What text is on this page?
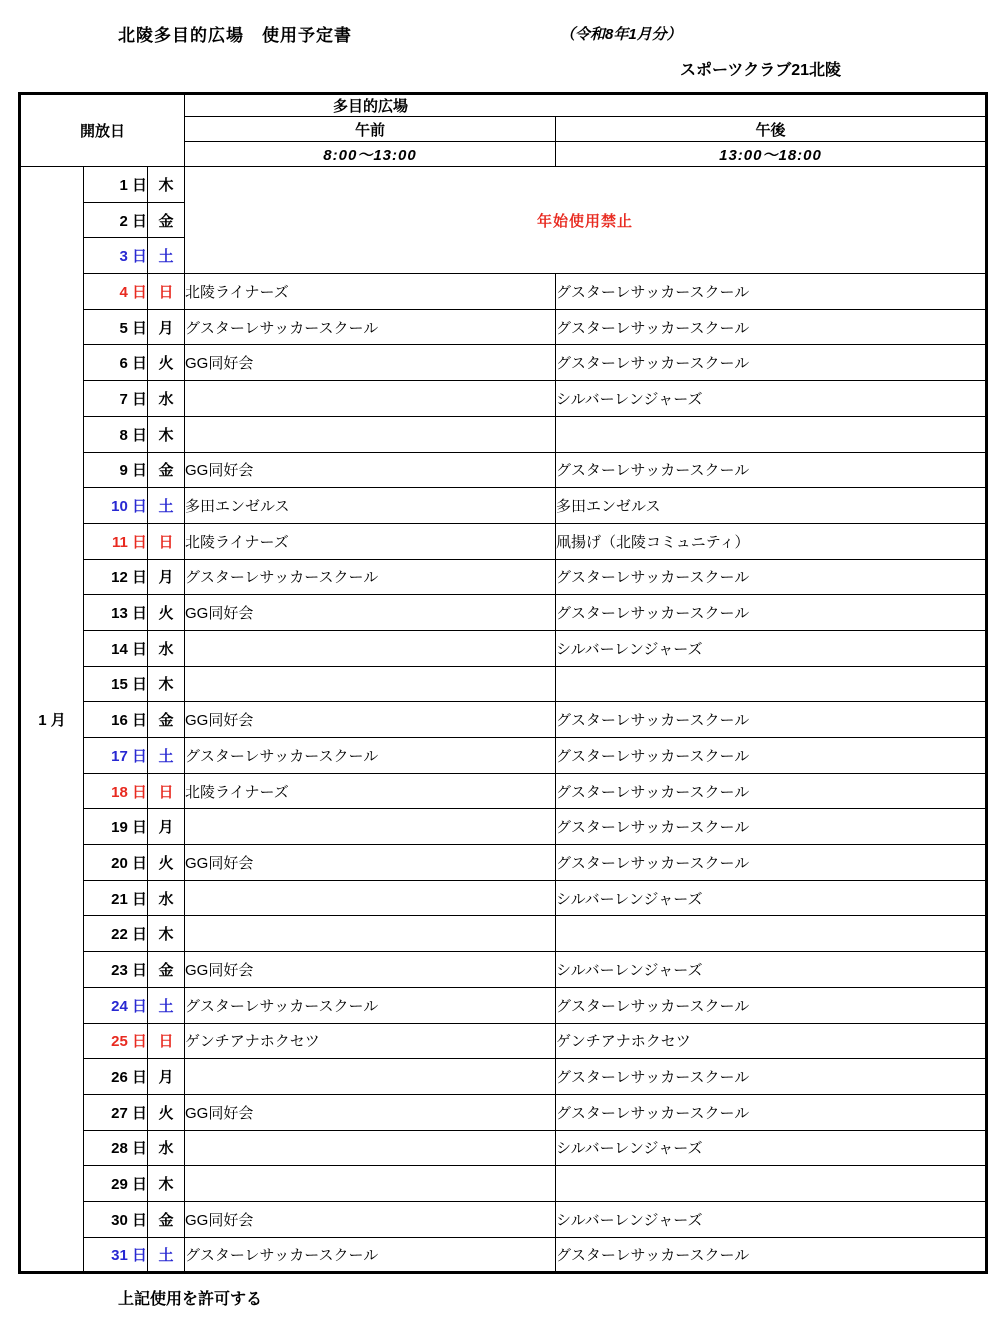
北陵多目的広場　使用予定書	（令和8年1月分）
スポーツクラブ21北陵
開放日			多目的広場	

			午前	午後
			8:00～13:00	13:00～18:00
1 月	1 日	木	年始使用禁止	
	2 日	金		
	3 日	土		
	4 日	日	北陵ライナーズ	グスターレサッカースクール
	5 日	月	グスターレサッカースクール	グスターレサッカースクール
	6 日	火	GG同好会	グスターレサッカースクール
	7 日	水		シルバーレンジャーズ
	8 日	木		
	9 日	金	GG同好会	グスターレサッカースクール
	10 日	土	多田エンゼルス	多田エンゼルス
	11 日	日	北陵ライナーズ	凧揚げ（北陵コミュニティ）
	12 日	月	グスターレサッカースクール	グスターレサッカースクール
	13 日	火	GG同好会	グスターレサッカースクール
	14 日	水		シルバーレンジャーズ
	15 日	木		
	16 日	金	GG同好会	グスターレサッカースクール
	17 日	土	グスターレサッカースクール	グスターレサッカースクール
	18 日	日	北陵ライナーズ	グスターレサッカースクール
	19 日	月		グスターレサッカースクール
	20 日	火	GG同好会	グスターレサッカースクール
	21 日	水		シルバーレンジャーズ
	22 日	木		
	23 日	金	GG同好会	シルバーレンジャーズ
	24 日	土	グスターレサッカースクール	グスターレサッカースクール
	25 日	日	ゲンチアナホクセツ	ゲンチアナホクセツ
	26 日	月		グスターレサッカースクール
	27 日	火	GG同好会	グスターレサッカースクール
	28 日	水		シルバーレンジャーズ
	29 日	木		
	30 日	金	GG同好会	シルバーレンジャーズ
	31 日	土	グスターレサッカースクール	グスターレサッカースクール
上記使用を許可する
